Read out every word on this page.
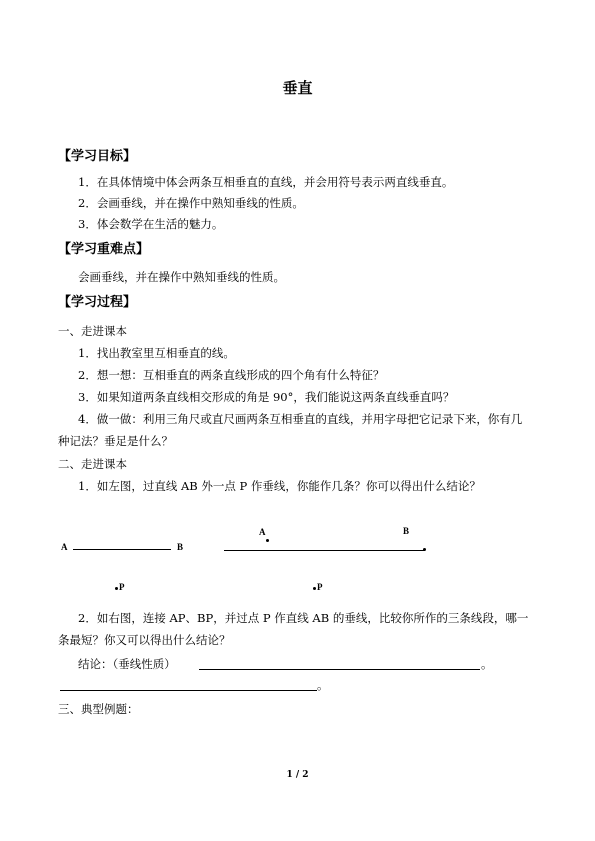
垂直
【学习目标】
1．在具体情境中体会两条互相垂直的直线，并会用符号表示两直线垂直。
2．会画垂线，并在操作中熟知垂线的性质。
3．体会数学在生活的魅力。
【学习重难点】
会画垂线，并在操作中熟知垂线的性质。
【学习过程】
一、走进课本
1．找出教室里互相垂直的线。
2．想一想：互相垂直的两条直线形成的四个角有什么特征？
3．如果知道两条直线相交形成的角是 90°，我们能说这两条直线垂直吗？
4．做一做：利用三角尺或直尺画两条互相垂直的直线，并用字母把它记录下来，你有几
种记法？垂足是什么？
二、走进课本
1．如左图，过直线 AB 外一点 P 作垂线，你能作几条？你可以得出什么结论？
A	B
P
A	B
P
2．如右图，连接 AP、BP，并过点 P 作直线 AB 的垂线，比较你所作的三条线段，哪一
条最短？你又可以得出什么结论？
结论：（垂线性质）	。
。
三、典型例题：
1 / 2
